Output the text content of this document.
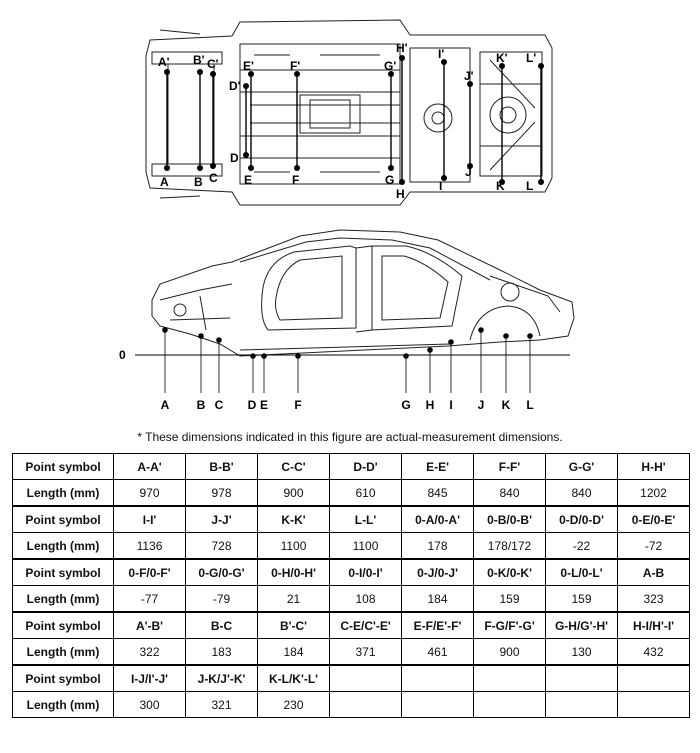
A' B' C'
D'
E'	F'	G'
H'	I'
J'
K' L'
A B C
D
E	F	G
H
I
J
K L
0
A B C D E F	G H I J K L
* These dimensions indicated in this figure are actual-measurement dimensions.
Point symbol	A-A'	B-B'	C-C'	D-D'	E-E'	F-F'	G-G'	H-H'
Length (mm)	970	978	900	610	845	840	840	1202
Point symbol	I-I'	J-J'	K-K'	L-L'	0-A/0-A'	0-B/0-B'	0-D/0-D'	0-E/0-E'
Length (mm)	1136	728	1100	1100	178	178/172	-22	-72
Point symbol	0-F/0-F'	0-G/0-G'	0-H/0-H'	0-I/0-I'	0-J/0-J'	0-K/0-K'	0-L/0-L'	A-B
Length (mm)	-77	-79	21	108	184	159	159	323
Point symbol	A'-B'	B-C	B'-C'	C-E/C'-E'	E-F/E'-F'	F-G/F'-G'	G-H/G'-H'	H-I/H'-I'
Length (mm)	322	183	184	371	461	900	130	432
Point symbol	I-J/I'-J'	J-K/J'-K'	K-L/K'-L'					
Length (mm)	300	321	230					
